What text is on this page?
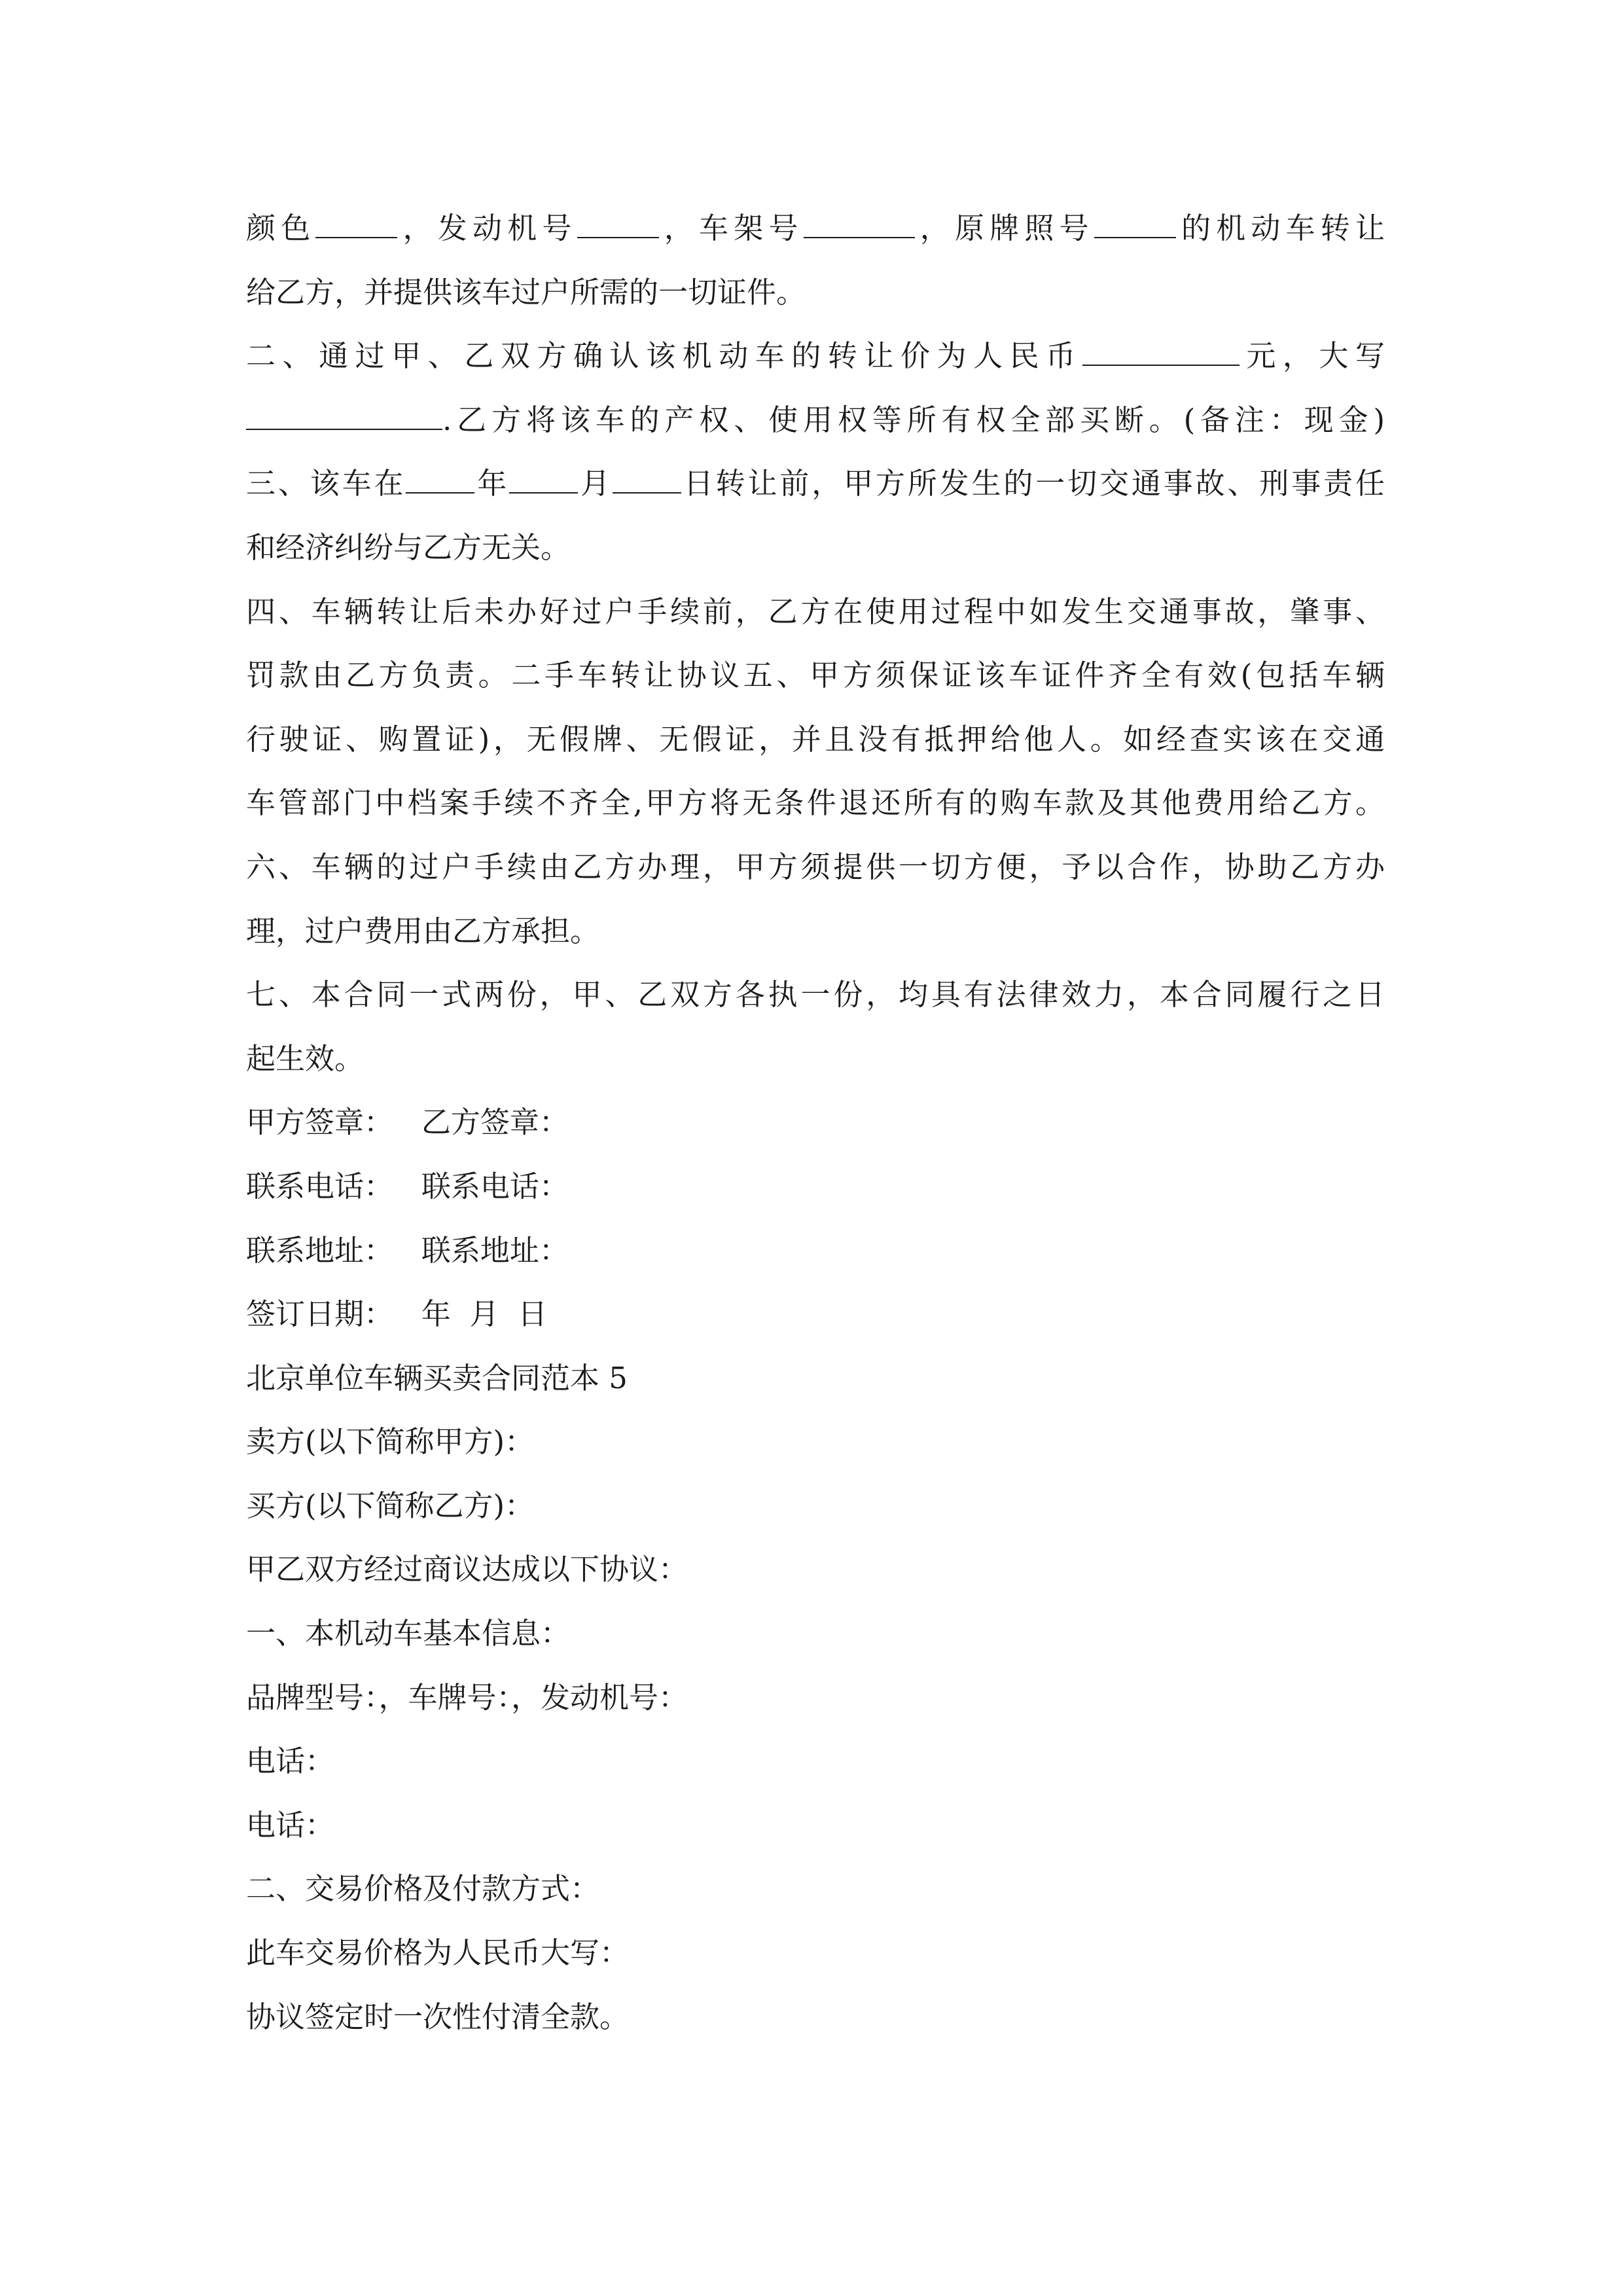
颜色	，发动机号	，车架号	，原牌照号	的机动车转让
给乙方，并提供该车过户所需的一切证件。
二、通过甲、乙双方确认该机动车的转让价为人民币	元，大写
.乙方将该车的产权、使用权等所有权全部买断。(备注：现金)
三、该车在 年 月 日转让前，甲方所发生的一切交通事故、刑事责任
和经济纠纷与乙方无关。
四、车辆转让后未办好过户手续前，乙方在使用过程中如发生交通事故，肇事、
罚款由乙方负责。二手车转让协议五、甲方须保证该车证件齐全有效(包括车辆
行驶证、购置证)，无假牌、无假证，并且没有抵押给他人。如经查实该在交通
车管部门中档案手续不齐全,甲方将无条件退还所有的购车款及其他费用给乙方。
六、车辆的过户手续由乙方办理，甲方须提供一切方便，予以合作，协助乙方办
理，过户费用由乙方承担。
七、本合同一式两份，甲、乙双方各执一份，均具有法律效力，本合同履行之日
起生效。
甲方签章：   乙方签章：
联系电话：   联系电话：
联系地址：   联系地址：
签订日期：   年  月  日
北京单位车辆买卖合同范本 5
卖方(以下简称甲方)：
买方(以下简称乙方)：
甲乙双方经过商议达成以下协议：
一、本机动车基本信息：
品牌型号：，车牌号：，发动机号：
电话：
电话：
二、交易价格及付款方式：
此车交易价格为人民币大写：
协议签定时一次性付清全款。
